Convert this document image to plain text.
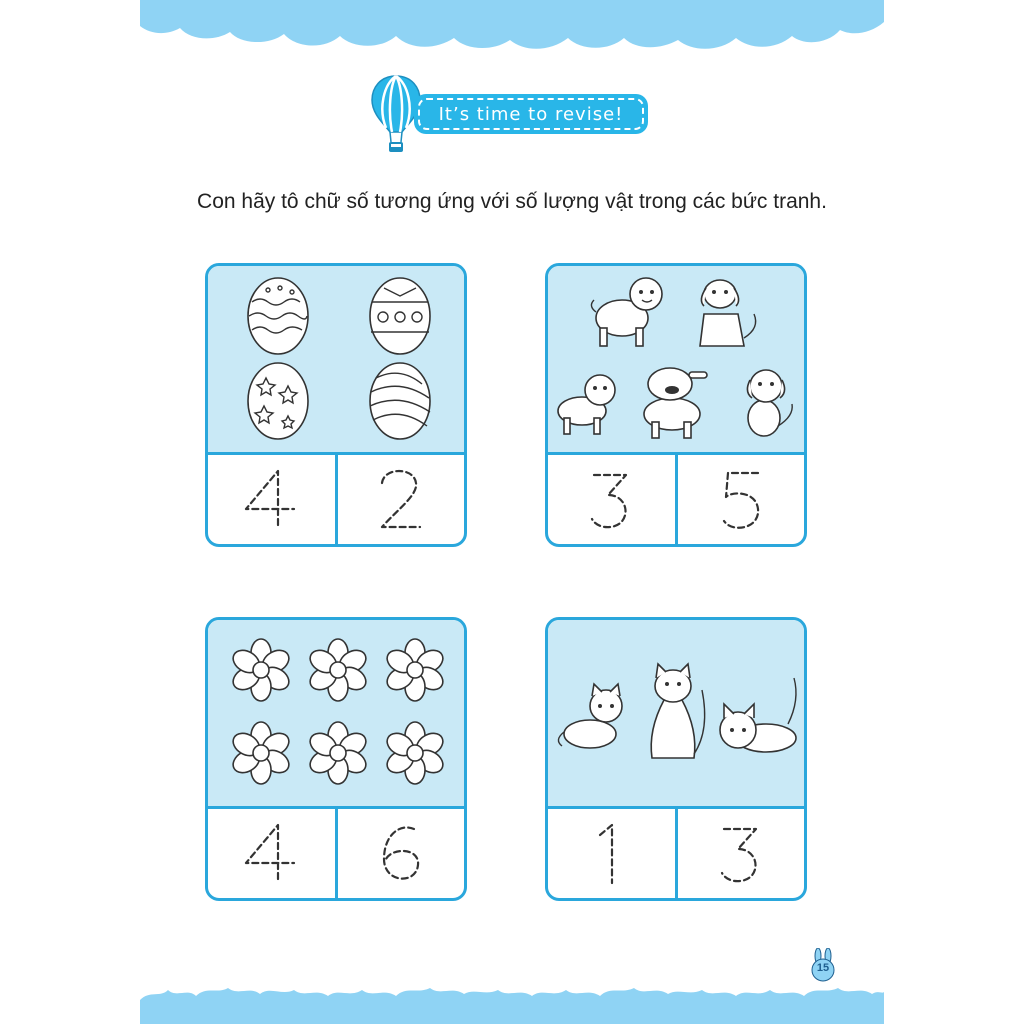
It’s time to revise!
Con hãy tô chữ số tương ứng với số lượng vật trong các bức tranh.
15
